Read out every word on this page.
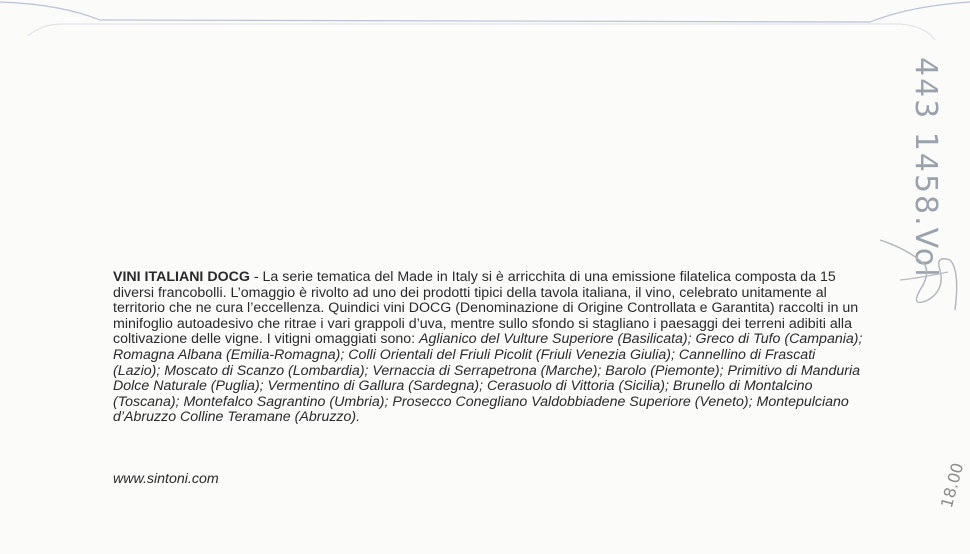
VINI ITALIANI DOCG - La serie tematica del Made in Italy si è arricchita di una emissione filatelica composta da 15 diversi francobolli. L’omaggio è rivolto ad uno dei prodotti tipici della tavola italiana, il vino, celebrato unitamente al territorio che ne cura l’eccellenza. Quindici vini DOCG (Denominazione di Origine Controllata e Garantita) raccolti in un minifoglio autoadesivo che ritrae i vari grappoli d’uva, mentre sullo sfondo si stagliano i paesaggi dei terreni adibiti alla coltivazione delle vigne. I vitigni omaggiati sono: Aglianico del Vulture Superiore (Basilicata); Greco di Tufo (Campania); Romagna Albana (Emilia-Romagna); Colli Orientali del Friuli Picolit (Friuli Venezia Giulia); Cannellino di Frascati (Lazio); Moscato di Scanzo (Lombardia); Vernaccia di Serrapetrona (Marche); Barolo (Piemonte); Primitivo di Manduria Dolce Naturale (Puglia); Vermentino di Gallura (Sardegna); Cerasuolo di Vittoria (Sicilia); Brunello di Montalcino (Toscana); Montefalco Sagrantino (Umbria); Prosecco Conegliano Valdobbiadene Superiore (Veneto); Montepulciano d’Abruzzo Colline Teramane (Abruzzo).
www.sintoni.com
443 1458.Vol
18.00
